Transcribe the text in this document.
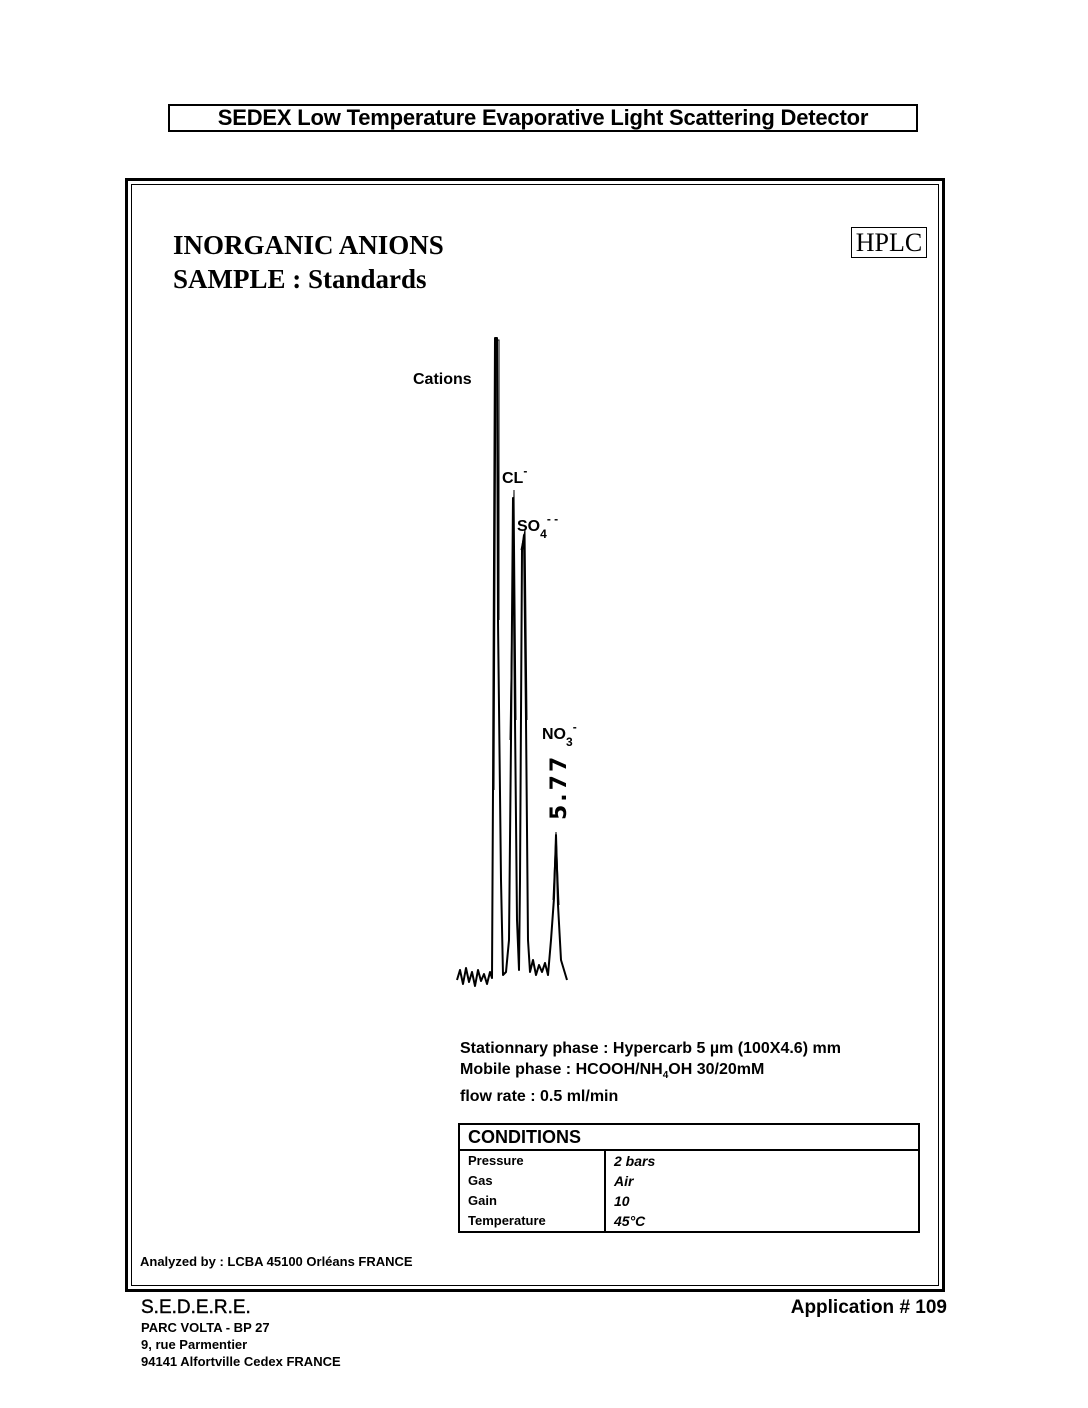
SEDEX Low Temperature Evaporative Light Scattering Detector
INORGANIC ANIONS
SAMPLE : Standards
HPLC
Cations
CL-
$SO_4^{- -}$
$NO_3^-$
5.77
Stationnary phase : Hypercarb 5 µm (100X4.6) mm
Mobile phase : HCOOH/$NH_4OH$ 30/20mM
flow rate : 0.5 ml/min
CONDITIONS
Pressure	2 bars
Gas	Air
Gain	10
Temperature	45°C
Analyzed by : LCBA 45100 Orléans FRANCE
S.E.D.E.R.E.
PARC VOLTA - BP 27
9, rue Parmentier
94141 Alfortville Cedex FRANCE
Application # 109
